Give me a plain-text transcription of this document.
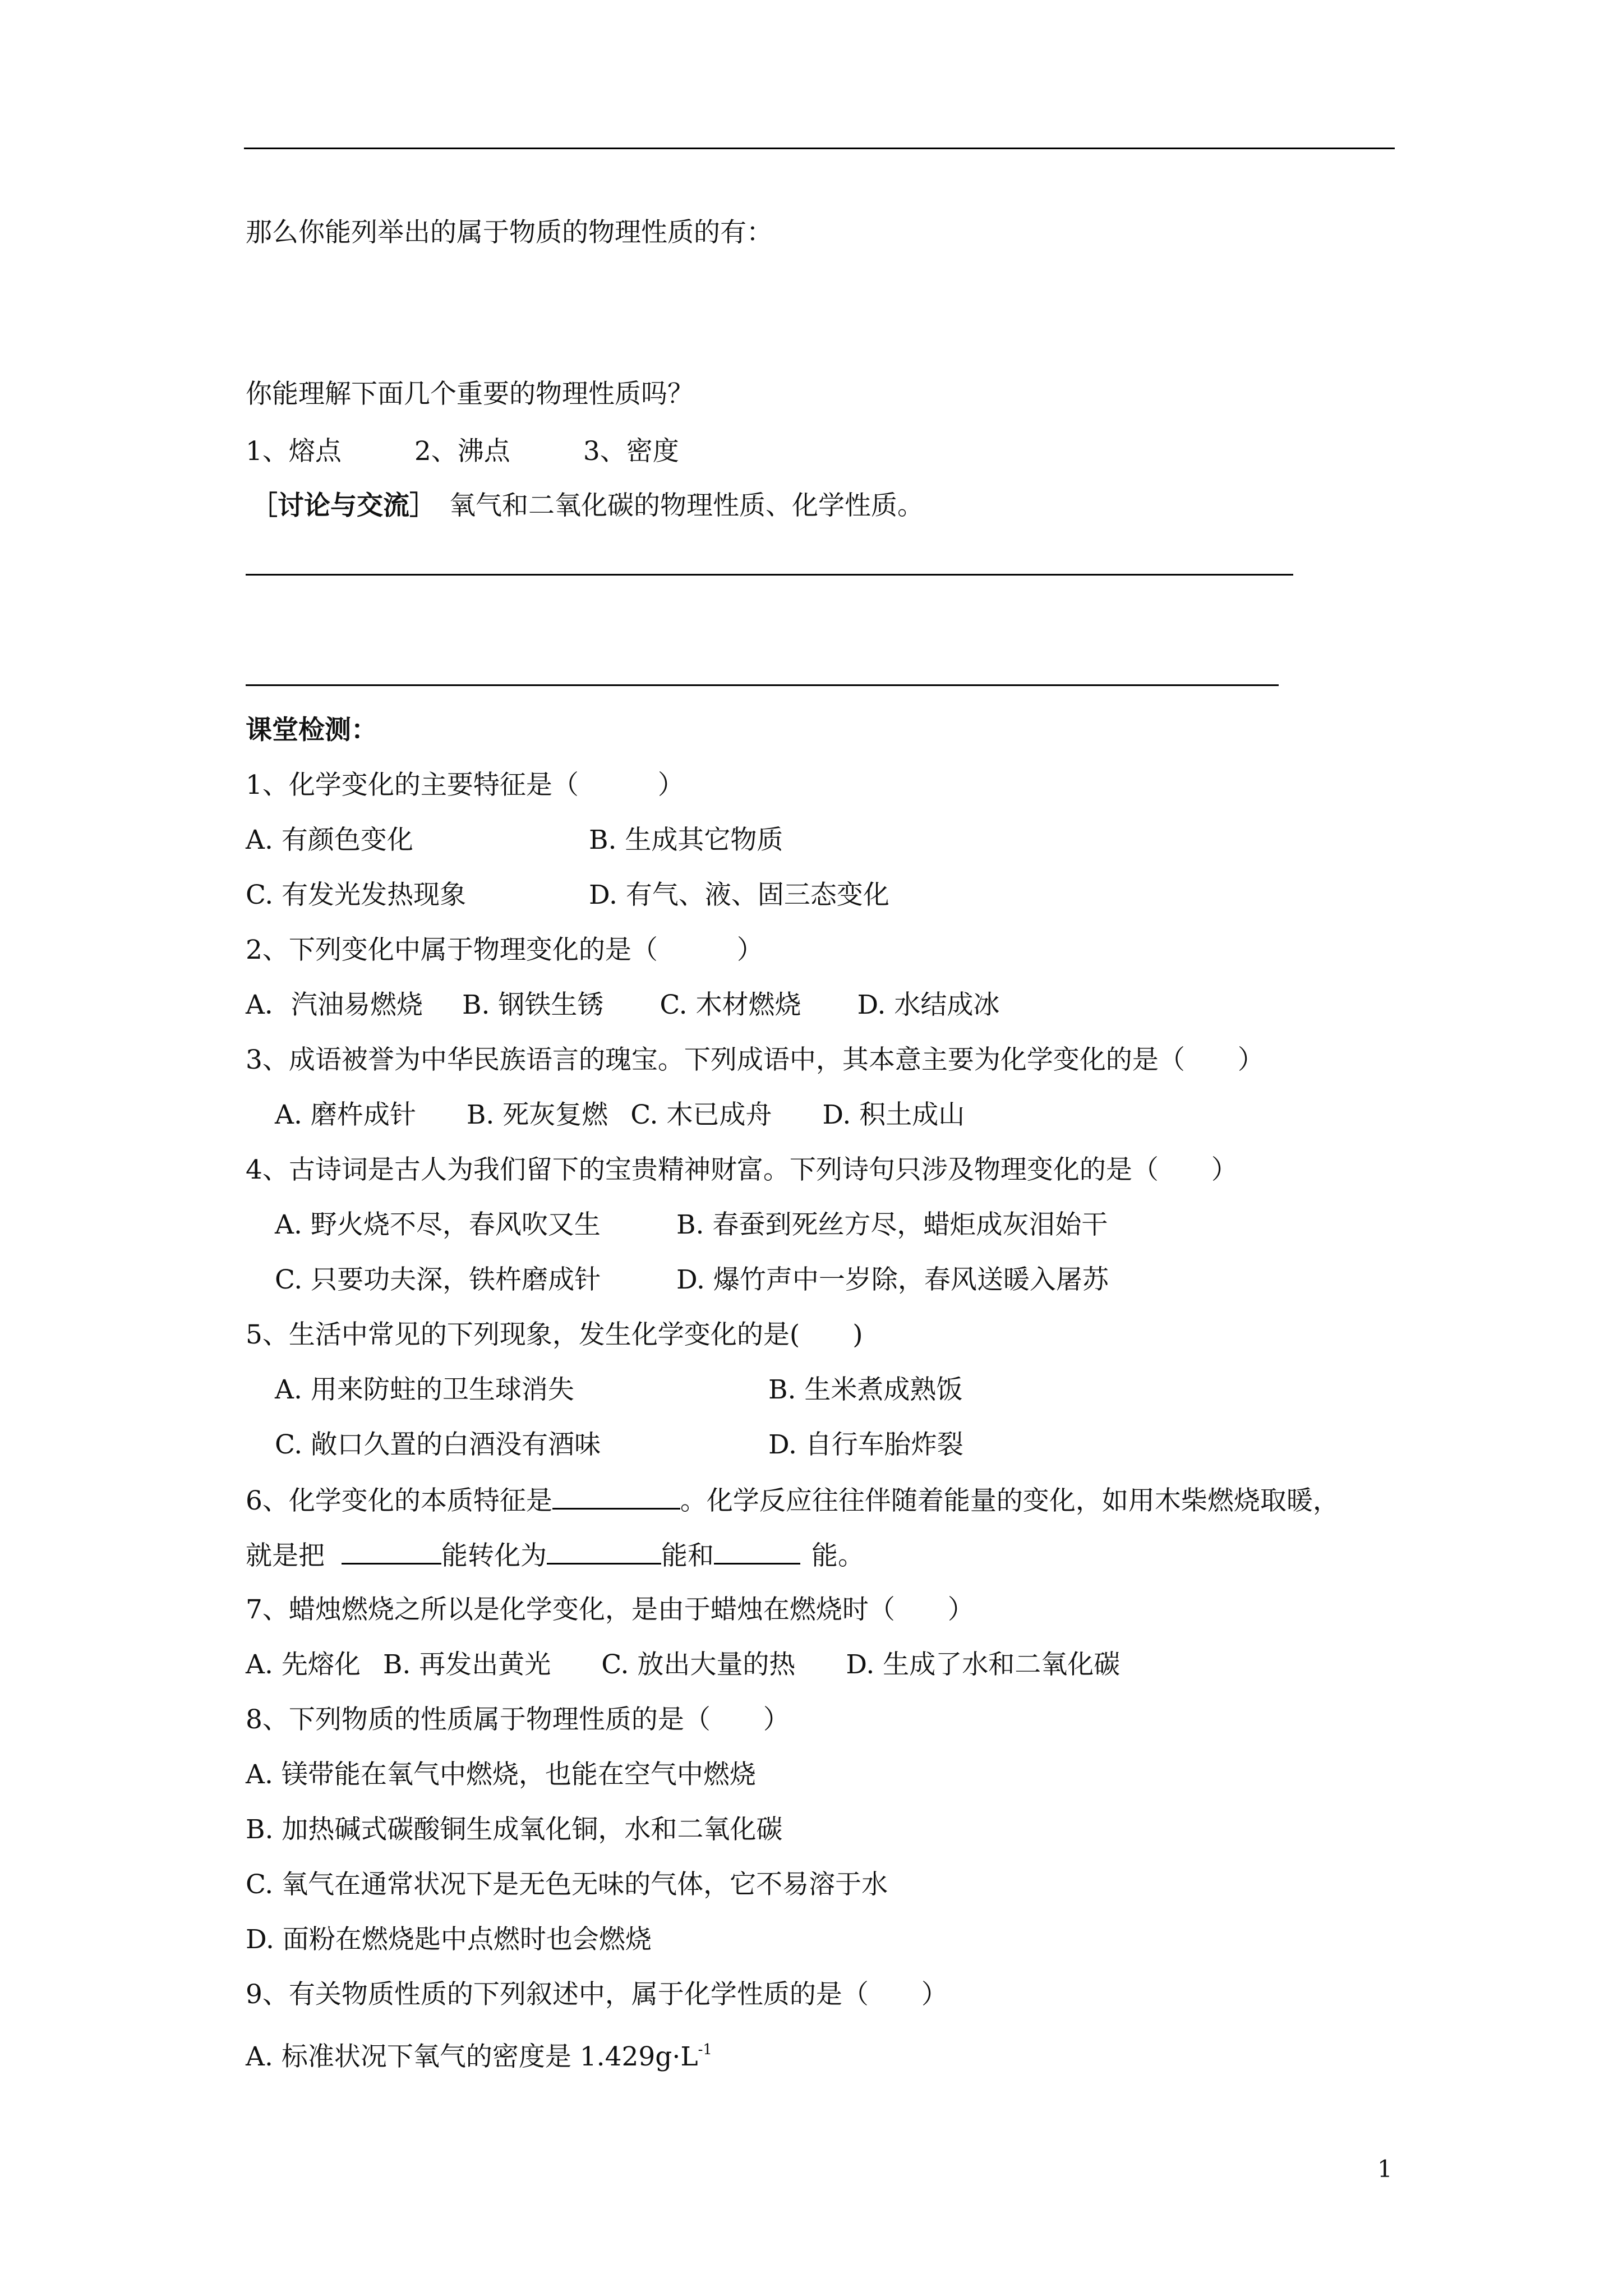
那么你能列举出的属于物质的物理性质的有：
你能理解下面几个重要的物理性质吗？
1、熔点	2、沸点	3、密度
［讨论与交流］ 氧气和二氧化碳的物理性质、化学性质。
课堂检测：
1、化学变化的主要特征是（　　　）
A. 有颜色变化	B. 生成其它物质
C. 有发光发热现象	D. 有气、液、固三态变化
2、下列变化中属于物理变化的是（　　　）
A．汽油易燃烧 B. 钢铁生锈 C. 木材燃烧 D. 水结成冰
3、成语被誉为中华民族语言的瑰宝。下列成语中，其本意主要为化学变化的是（　　）
A. 磨杵成针 B. 死灰复燃 C. 木已成舟 D. 积土成山
4、古诗词是古人为我们留下的宝贵精神财富。下列诗句只涉及物理变化的是（　　）
A. 野火烧不尽，春风吹又生	B. 春蚕到死丝方尽，蜡炬成灰泪始干
C. 只要功夫深，铁杵磨成针	D. 爆竹声中一岁除，春风送暖入屠苏
5、生活中常见的下列现象，发生化学变化的是(　　)
A. 用来防蛀的卫生球消失	B. 生米煮成熟饭
C. 敞口久置的白酒没有酒味	D. 自行车胎炸裂
6、化学变化的本质特征是	。化学反应往往伴随着能量的变化，如用木柴燃烧取暖，
就是把	能转化为	能和	能。
7、蜡烛燃烧之所以是化学变化，是由于蜡烛在燃烧时（　　）
A. 先熔化 B. 再发出黄光 C. 放出大量的热 D. 生成了水和二氧化碳
8、下列物质的性质属于物理性质的是（　　）
A. 镁带能在氧气中燃烧，也能在空气中燃烧
B. 加热碱式碳酸铜生成氧化铜，水和二氧化碳
C. 氧气在通常状况下是无色无味的气体，它不易溶于水
D. 面粉在燃烧匙中点燃时也会燃烧
9、有关物质性质的下列叙述中，属于化学性质的是（　　）
A. 标准状况下氧气的密度是 $1.429g\cdot L^{-1}$
1
